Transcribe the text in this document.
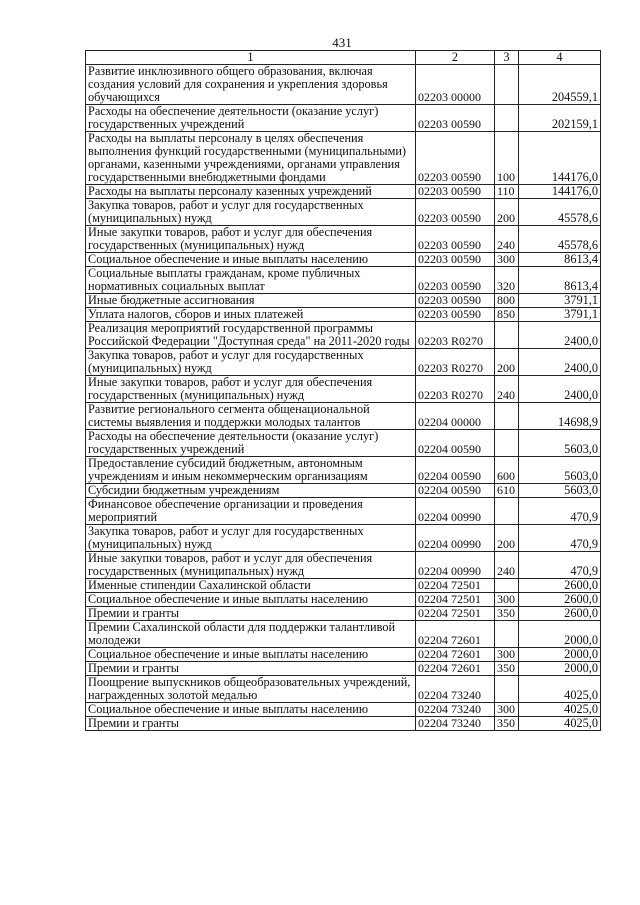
431
1	2	3	4
Развитие инклюзивного общего образования, включая создания условий для сохранения и укрепления здоровья обучающихся	02203 00000		204559,1
Расходы на обеспечение деятельности (оказание услуг) государственных учреждений	02203 00590		202159,1
Расходы на выплаты персоналу в целях обеспечения выполнения функций государственными (муниципальными) органами, казенными учреждениями, органами управления государственными внебюджетными фондами	02203 00590	100	144176,0
Расходы на выплаты персоналу казенных учреждений	02203 00590	110	144176,0
Закупка товаров, работ и услуг для государственных (муниципальных) нужд	02203 00590	200	45578,6
Иные закупки товаров, работ и услуг для обеспечения государственных (муниципальных) нужд	02203 00590	240	45578,6
Социальное обеспечение и иные выплаты населению	02203 00590	300	8613,4
Социальные выплаты гражданам, кроме публичных нормативных социальных выплат	02203 00590	320	8613,4
Иные бюджетные ассигнования	02203 00590	800	3791,1
Уплата налогов, сборов и иных платежей	02203 00590	850	3791,1
Реализация мероприятий государственной программы Российской Федерации "Доступная среда" на 2011-2020 годы	02203 R0270		2400,0
Закупка товаров, работ и услуг для государственных (муниципальных) нужд	02203 R0270	200	2400,0
Иные закупки товаров, работ и услуг для обеспечения государственных (муниципальных) нужд	02203 R0270	240	2400,0
Развитие регионального сегмента общенациональной системы выявления и поддержки молодых талантов	02204 00000		14698,9
Расходы на обеспечение деятельности (оказание услуг) государственных учреждений	02204 00590		5603,0
Предоставление субсидий бюджетным, автономным учреждениям и иным некоммерческим организациям	02204 00590	600	5603,0
Субсидии бюджетным учреждениям	02204 00590	610	5603,0
Финансовое обеспечение организации и проведения мероприятий	02204 00990		470,9
Закупка товаров, работ и услуг для государственных (муниципальных) нужд	02204 00990	200	470,9
Иные закупки товаров, работ и услуг для обеспечения государственных (муниципальных) нужд	02204 00990	240	470,9
Именные стипендии Сахалинской области	02204 72501		2600,0
Социальное обеспечение и иные выплаты населению	02204 72501	300	2600,0
Премии и гранты	02204 72501	350	2600,0
Премии Сахалинской области для поддержки талантливой молодежи	02204 72601		2000,0
Социальное обеспечение и иные выплаты населению	02204 72601	300	2000,0
Премии и гранты	02204 72601	350	2000,0
Поощрение выпускников общеобразовательных учреждений, награжденных золотой медалью	02204 73240		4025,0
Социальное обеспечение и иные выплаты населению	02204 73240	300	4025,0
Премии и гранты	02204 73240	350	4025,0
